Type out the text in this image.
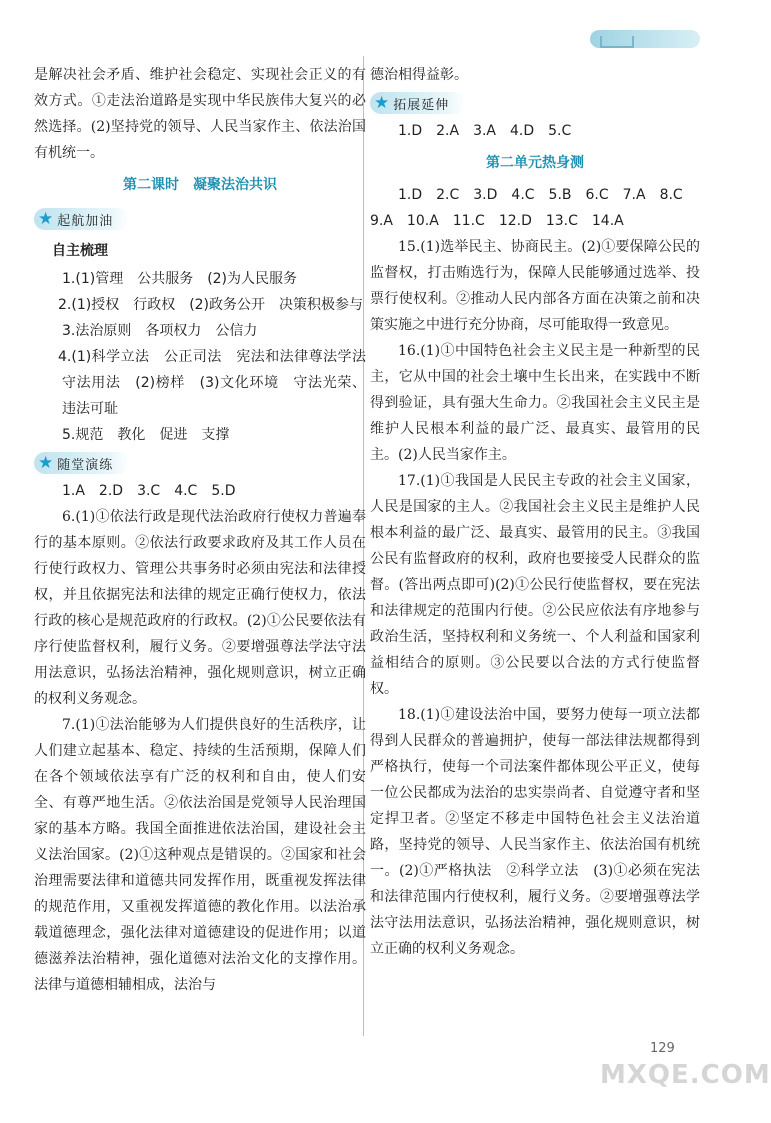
是解决社会矛盾、维护社会稳定、实现社会正义的有效方式。①走法治道路是实现中华民族伟大复兴的必然选择。(2)坚持党的领导、人民当家作主、依法治国有机统一。

第二课时　凝聚法治共识
★ 起航加油
自主梳理

1.(1)管理　公共服务　(2)为人民服务

2.(1)授权　行政权　(2)政务公开　决策积极参与

3.法治原则　各项权力　公信力

4.(1)科学立法　公正司法　宪法和法律尊法学法守法用法　(2)榜样　(3)文化环境　守法光荣、违法可耻

5.规范　教化　促进　支撑

★ 随堂演练

1.A　2.D　3.C　4.C　5.D

6.(1)①依法行政是现代法治政府行使权力普遍奉行的基本原则。②依法行政要求政府及其工作人员在行使行政权力、管理公共事务时必须由宪法和法律授权，并且依据宪法和法律的规定正确行使权力，依法行政的核心是规范政府的行政权。(2)①公民要依法有序行使监督权利，履行义务。②要增强尊法学法守法用法意识，弘扬法治精神，强化规则意识，树立正确的权利义务观念。

7.(1)①法治能够为人们提供良好的生活秩序，让人们建立起基本、稳定、持续的生活预期，保障人们在各个领域依法享有广泛的权利和自由，使人们安全、有尊严地生活。②依法治国是党领导人民治理国家的基本方略。我国全面推进依法治国，建设社会主义法治国家。(2)①这种观点是错误的。②国家和社会治理需要法律和道德共同发挥作用，既重视发挥法律的规范作用，又重视发挥道德的教化作用。以法治承载道德理念，强化法律对道德建设的促进作用；以道德滋养法治精神，强化道德对法治文化的支撑作用。法律与道德相辅相成，法治与

德治相得益彰。

★ 拓展延伸

1.D　2.A　3.A　4.D　5.C

第二单元热身测

1.D　2.C　3.D　4.C　5.B　6.C　7.A　8.C

9.A　10.A　11.C　12.D　13.C　14.A

15.(1)选举民主、协商民主。(2)①要保障公民的监督权，打击贿选行为，保障人民能够通过选举、投票行使权利。②推动人民内部各方面在决策之前和决策实施之中进行充分协商，尽可能取得一致意见。

16.(1)①中国特色社会主义民主是一种新型的民主，它从中国的社会土壤中生长出来，在实践中不断得到验证，具有强大生命力。②我国社会主义民主是维护人民根本利益的最广泛、最真实、最管用的民主。(2)人民当家作主。

17.(1)①我国是人民民主专政的社会主义国家，人民是国家的主人。②我国社会主义民主是维护人民根本利益的最广泛、最真实、最管用的民主。③我国公民有监督政府的权利，政府也要接受人民群众的监督。(答出两点即可)(2)①公民行使监督权，要在宪法和法律规定的范围内行使。②公民应依法有序地参与政治生活，坚持权利和义务统一、个人利益和国家利益相结合的原则。③公民要以合法的方式行使监督权。

18.(1)①建设法治中国，要努力使每一项立法都得到人民群众的普遍拥护，使每一部法律法规都得到严格执行，使每一个司法案件都体现公平正义，使每一位公民都成为法治的忠实崇尚者、自觉遵守者和坚定捍卫者。②坚定不移走中国特色社会主义法治道路，坚持党的领导、人民当家作主、依法治国有机统一。(2)①严格执法　②科学立法　(3)①必须在宪法和法律范围内行使权利，履行义务。②要增强尊法学法守法用法意识，弘扬法治精神，强化规则意识，树立正确的权利义务观念。

129
MXQE.COM
